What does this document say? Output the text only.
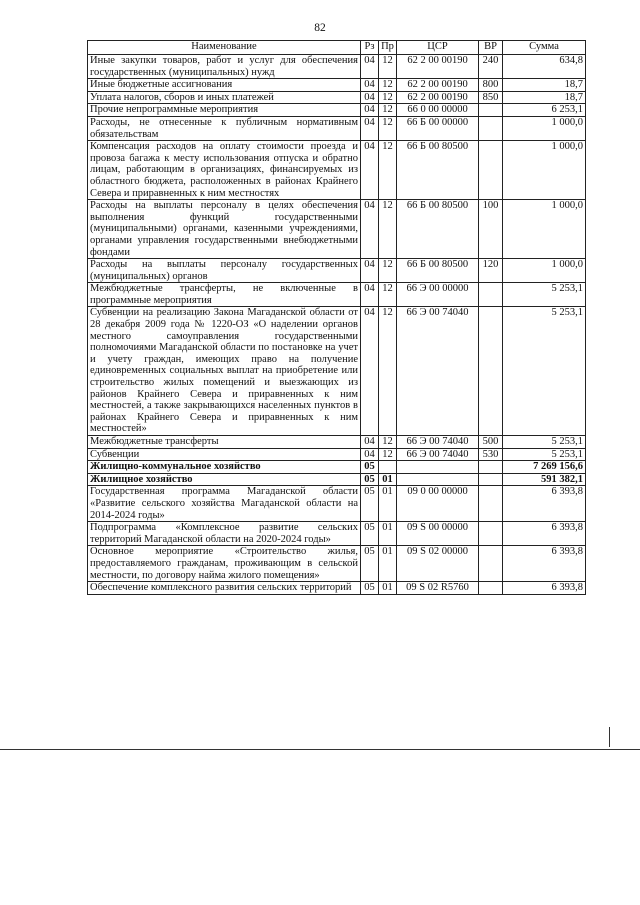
82
Наименование	Рз	Пр	ЦСР	ВР	Сумма
Иные закупки товаров, работ и услуг для обеспечения государственных (муниципальных) нужд	04	12	62 2 00 00190	240	634,8
Иные бюджетные ассигнования	04	12	62 2 00 00190	800	18,7
Уплата налогов, сборов и иных платежей	04	12	62 2 00 00190	850	18,7
Прочие непрограммные мероприятия	04	12	66 0 00 00000		6 253,1
Расходы, не отнесенные к публичным нормативным обязательствам	04	12	66 Б 00 00000		1 000,0
Компенсация расходов на оплату стоимости проезда и провоза багажа к месту использования отпуска и обратно лицам, работающим в организациях, финансируемых из областного бюджета, расположенных в районах Крайнего Севера и приравненных к ним местностях	04	12	66 Б 00 80500		1 000,0
Расходы на выплаты персоналу в целях обеспечения выполнения функций государственными (муниципальными) органами, казенными учреждениями, органами управления государственными внебюджетными фондами	04	12	66 Б 00 80500	100	1 000,0
Расходы на выплаты персоналу государственных (муниципальных) органов	04	12	66 Б 00 80500	120	1 000,0
Межбюджетные трансферты, не включенные в программные мероприятия	04	12	66 Э 00 00000		5 253,1
Субвенции на реализацию Закона Магаданской области от 28 декабря 2009 года № 1220-ОЗ «О наделении органов местного самоуправления государственными полномочиями Магаданской области по постановке на учет и учету граждан, имеющих право на получение единовременных социальных выплат на приобретение или строительство жилых помещений и выезжающих из районов Крайнего Севера и приравненных к ним местностей, а также закрывающихся населенных пунктов в районах Крайнего Севера и приравненных к ним местностей»	04	12	66 Э 00 74040		5 253,1
Межбюджетные трансферты	04	12	66 Э 00 74040	500	5 253,1
Субвенции	04	12	66 Э 00 74040	530	5 253,1
Жилищно-коммунальное хозяйство	05				7 269 156,6
Жилищное хозяйство	05	01			591 382,1
Государственная программа Магаданской области «Развитие сельского хозяйства Магаданской области на 2014-2024 годы»	05	01	09 0 00 00000		6 393,8
Подпрограмма «Комплексное развитие сельских территорий Магаданской области на 2020-2024 годы»	05	01	09 S 00 00000		6 393,8
Основное мероприятие «Строительство жилья, предоставляемого гражданам, проживающим в сельской местности, по договору найма жилого помещения»	05	01	09 S 02 00000		6 393,8
Обеспечение комплексного развития сельских территорий	05	01	09 S 02 R5760		6 393,8
